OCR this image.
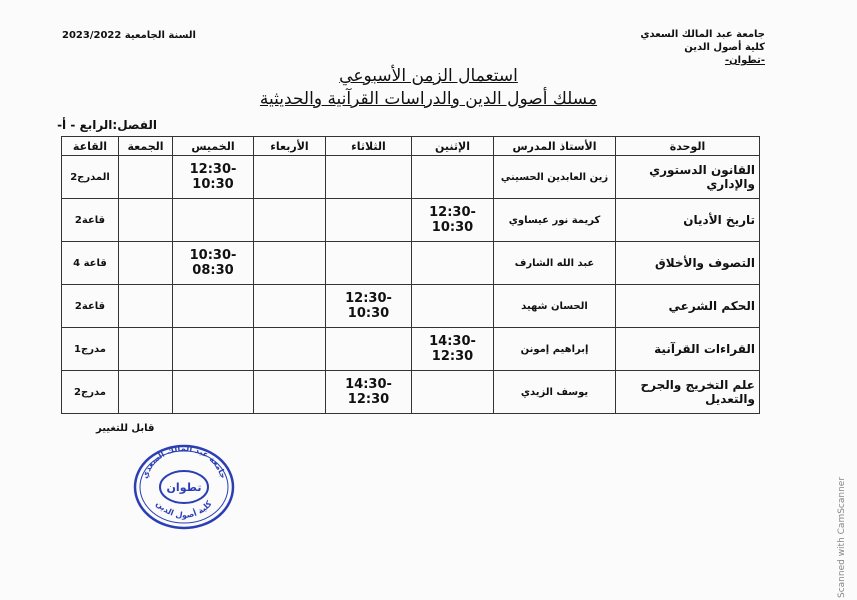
جامعة عبد المالك السعدي
كلية أصول الدين
-تطوان-
السنة الجامعية 2023/2022
استعمال الزمن الأسبوعي
مسلك أصول الدين والدراسات القرآنية والحديثية
الفصل:الرابع - أ-
الوحدة	الأستاذ المدرس	الإثنين	الثلاثاء	الأربعاء	الخميس	الجمعة	القاعة
القانون الدستوري والإداري	زين العابدين الحسيني				12:30-10:30		المدرج2
تاريخ الأديان	كريمة نور عيساوي	12:30-10:30					قاعة2
التصوف والأخلاق	عبد الله الشارف				10:30-08:30		قاعة 4
الحكم الشرعي	الحسان شهيد		12:30-10:30				قاعة2
القراءات القرآنية	إبراهيم إمونن	14:30-12:30					مدرج1
علم التخريج والجرح والتعديل	يوسف الزيدي		14:30-12:30				مدرج2
قابل للتغيير
جامعة عبد المالك السعدي
تطوان
كلية أصول الدين	Scanned with CamScanner
